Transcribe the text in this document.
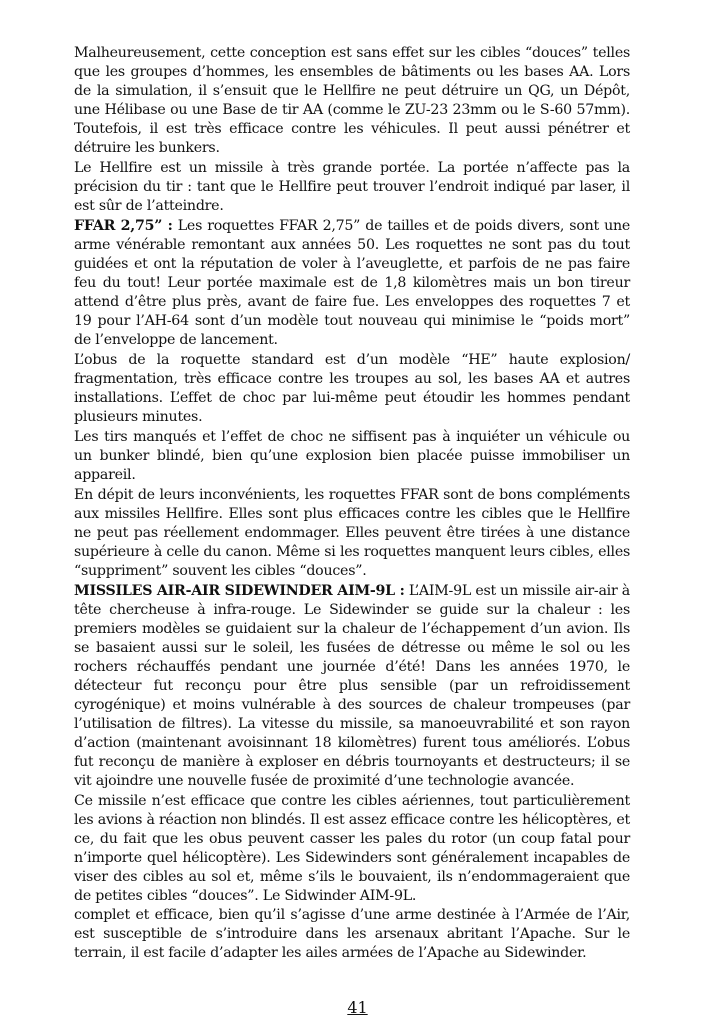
Malheureusement, cette conception est sans effet sur les cibles “douces” telles que les groupes d’hommes, les ensembles de bâtiments ou les bases AA. Lors de la simulation, il s’ensuit que le Hellfire ne peut détruire un QG, un Dépôt, une Hélibase ou une Base de tir AA (comme le ZU-23 23mm ou le S-60 57mm). Toutefois, il est très efficace contre les véhicules. Il peut aussi pénétrer et détruire les bunkers.

Le Hellfire est un missile à très grande portée. La portée n’affecte pas la précision du tir : tant que le Hellfire peut trouver l’endroit indiqué par laser, il est sûr de l’atteindre.

FFAR 2,75” : Les roquettes FFAR 2,75” de tailles et de poids divers, sont une arme vénérable remontant aux années 50. Les roquettes ne sont pas du tout guidées et ont la réputation de voler à l’aveuglette, et parfois de ne pas faire feu du tout! Leur portée maximale est de 1,8 kilomètres mais un bon tireur attend d’être plus près, avant de faire fue. Les enveloppes des roquettes 7 et 19 pour l’AH-64 sont d’un modèle tout nouveau qui minimise le “poids mort” de l’enveloppe de lancement.

L’obus de la roquette standard est d’un modèle “HE” haute explosion/ fragmentation, très efficace contre les troupes au sol, les bases AA et autres installations. L’effet de choc par lui-même peut étoudir les hommes pendant plusieurs minutes.

Les tirs manqués et l’effet de choc ne siffisent pas à inquiéter un véhicule ou un bunker blindé, bien qu’une explosion bien placée puisse immobiliser un appareil.

En dépit de leurs inconvénients, les roquettes FFAR sont de bons compléments aux missiles Hellfire. Elles sont plus efficaces contre les cibles que le Hellfire ne peut pas réellement endommager. Elles peuvent être tirées à une distance supérieure à celle du canon. Même si les roquettes manquent leurs cibles, elles “suppriment” souvent les cibles “douces”.

MISSILES AIR-AIR SIDEWINDER AIM-9L : L’AIM-9L est un missile air-air à tête chercheuse à infra-rouge. Le Sidewinder se guide sur la chaleur : les premiers modèles se guidaient sur la chaleur de l’échappement d’un avion. Ils se basaient aussi sur le soleil, les fusées de détresse ou même le sol ou les rochers réchauffés pendant une journée d’été! Dans les années 1970, le détecteur fut reconçu pour être plus sensible (par un refroidissement cyrogénique) et moins vulnérable à des sources de chaleur trompeuses (par l’utilisation de filtres). La vitesse du missile, sa manoeuvrabilité et son rayon d’action (maintenant avoisinnant 18 kilomètres) furent tous améliorés. L’obus fut reconçu de manière à exploser en débris tournoyants et destructeurs; il se vit ajoindre une nouvelle fusée de proximité d’une technologie avancée.

Ce missile n’est efficace que contre les cibles aériennes, tout particulièrement les avions à réaction non blindés. Il est assez efficace contre les hélicoptères, et ce, du fait que les obus peuvent casser les pales du rotor (un coup fatal pour n’importe quel hélicoptère). Les Sidewinders sont généralement incapables de viser des cibles au sol et, même s’ils le bouvaient, ils n’endommageraient que de petites cibles “douces”. Le Sidwinder AIM-9L.

complet et efficace, bien qu’il s’agisse d’une arme destinée à l’Armée de l’Air, est susceptible de s’introduire dans les arsenaux abritant l’Apache. Sur le terrain, il est facile d’adapter les ailes armées de l’Apache au Sidewinder.

41
